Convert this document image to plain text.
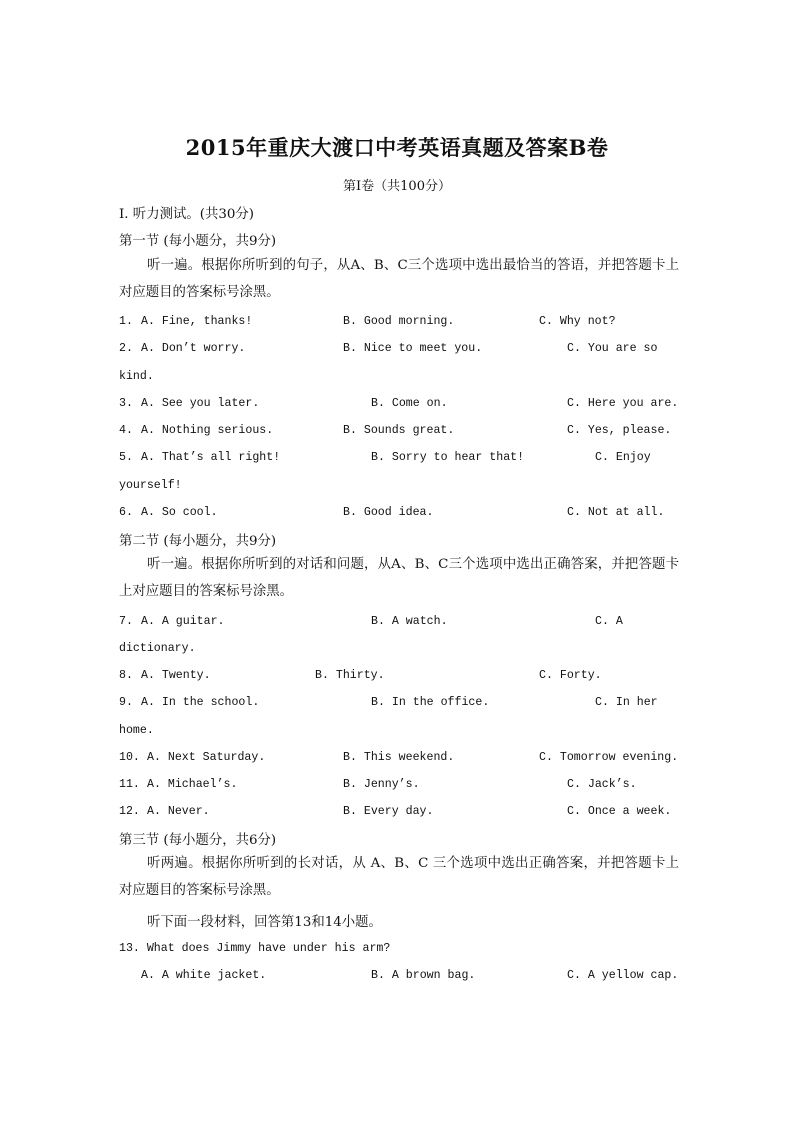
2015年重庆大渡口中考英语真题及答案B卷
第I卷（共100分）
I. 听力测试。(共30分)
第一节 (每小题分，共9分)
听一遍。根据你所听到的句子，从A、B、C三个选项中选出最恰当的答语，并把答题卡上对应题目的答案标号涂黑。
1. A. Fine, thanks!	B. Good morning.	C. Why not?
2. A. Don’t worry.	B. Nice to meet you.	C. You are so
kind.
3. A. See you later.	B. Come on.	C. Here you are.
4. A. Nothing serious.	B. Sounds great.	C. Yes, please.
5. A. That’s all right!	B. Sorry to hear that!	C. Enjoy
yourself!
6. A. So cool.	B. Good idea.	C. Not at all.
第二节 (每小题分，共9分)
听一遍。根据你所听到的对话和问题，从A、B、C三个选项中选出正确答案，并把答题卡上对应题目的答案标号涂黑。
7. A. A guitar.	B. A watch.	C. A
dictionary.
8. A. Twenty.	B. Thirty.	C. Forty.
9. A. In the school.	B. In the office.	C. In her
home.
10. A. Next Saturday.	B. This weekend.	C. Tomorrow evening.
11. A. Michael’s.	B. Jenny’s.	C. Jack’s.
12. A. Never.	B. Every day.	C. Once a week.
第三节 (每小题分，共6分)
听两遍。根据你所听到的长对话，从 A、B、C 三个选项中选出正确答案，并把答题卡上对应题目的答案标号涂黑。
听下面一段材料，回答第13和14小题。
13. What does Jimmy have under his arm?
A. A white jacket.	B. A brown bag.	C. A yellow cap.
